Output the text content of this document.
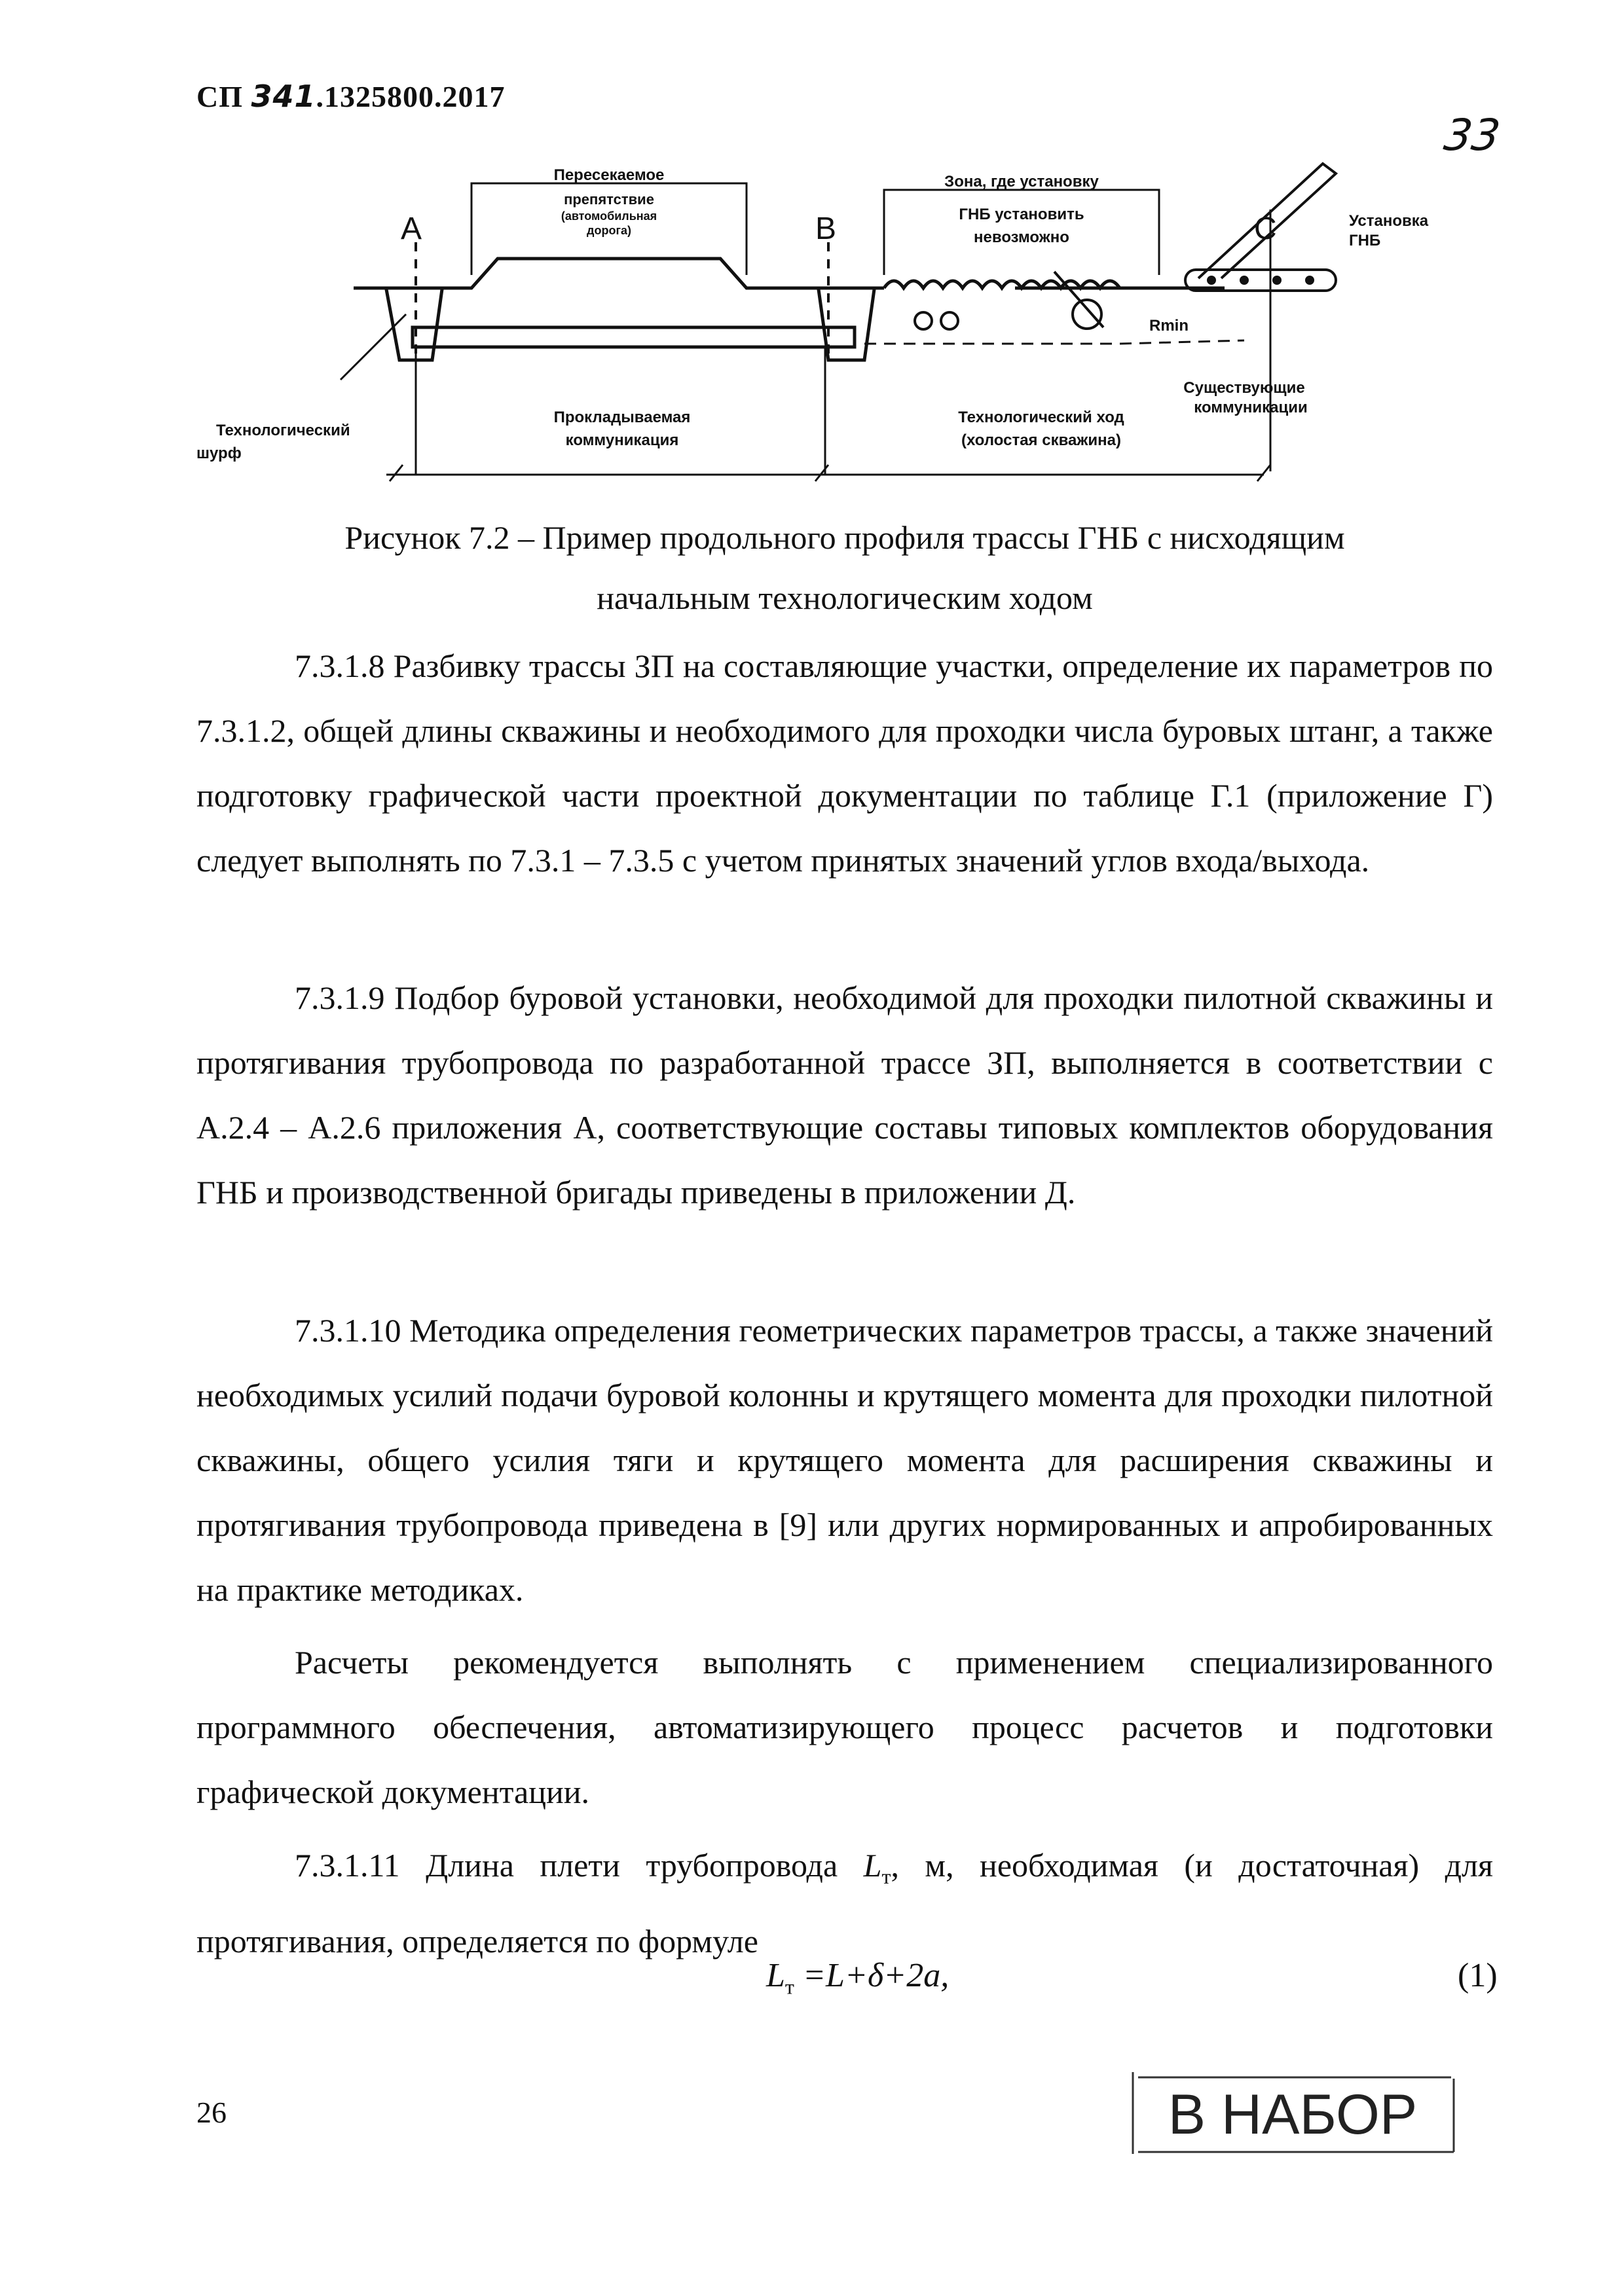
СП 341.1325800.2017
33
A	B	C
Пересекаемое
препятствие
(автомобильная
дорога)
Зона, где установку
ГНБ установить
невозможно
Установка
ГНБ
Технологический
шурф
Прокладываемая
коммуникация
Технологический ход
(холостая скважина)
Существующие
коммуникации
Rmin
Рисунок 7.2 – Пример продольного профиля трассы ГНБ с нисходящим
начальным технологическим ходом

7.3.1.8 Разбивку трассы ЗП на составляющие участки, определение их параметров по 7.3.1.2, общей длины скважины и необходимого для проходки числа буровых штанг, а также подготовку графической части проектной документации по таблице Г.1 (приложение Г) следует выполнять по 7.3.1 – 7.3.5 с учетом принятых значений углов входа/выхода.

7.3.1.9 Подбор буровой установки, необходимой для проходки пилотной скважины и протягивания трубопровода по разработанной трассе ЗП, выполняется в соответствии с А.2.4 – А.2.6 приложения А, соответствующие составы типовых комплектов оборудования ГНБ и производственной бригады приведены в приложении Д.

7.3.1.10 Методика определения геометрических параметров трассы, а также значений необходимых усилий подачи буровой колонны и крутящего момента для проходки пилотной скважины, общего усилия тяги и крутящего момента для расширения скважины и протягивания трубопровода приведена в [9] или других нормированных и апробированных на практике методиках.

Расчеты рекомендуется выполнять с применением специализированного программного обеспечения, автоматизирующего процесс расчетов и подготовки графической документации.

7.3.1.11 Длина плети трубопровода $L_т$, м, необходимая (и достаточная) для протягивания, определяется по формуле

$L_т =L+\delta+2a$,	(1)
26	В НАБОР
